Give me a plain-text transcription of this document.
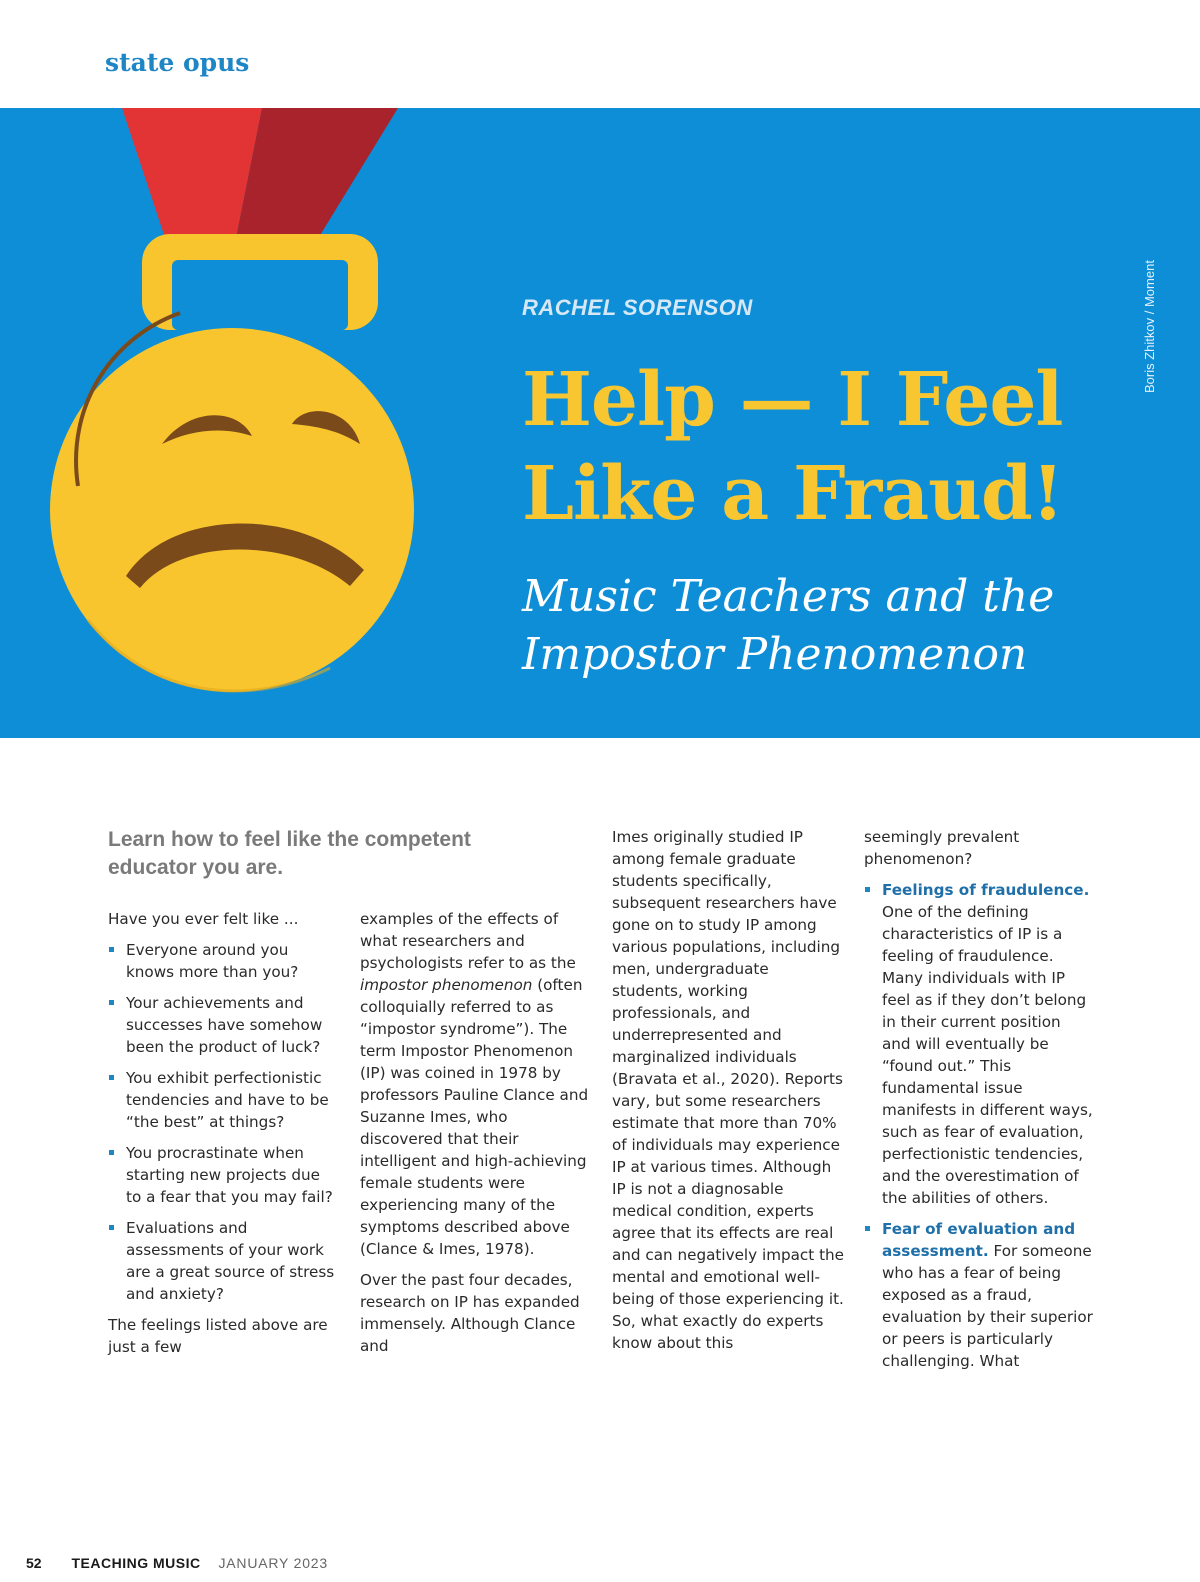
state opus
RACHEL SORENSON
Help — I Feel
Like a Fraud!
Music Teachers and the
Impostor Phenomenon
Boris Zhitkov / Moment
Learn how to feel like the competent educator you are.

Have you ever felt like ...

Everyone around you knows more than you?
Your achievements and successes have somehow been the product of luck?
You exhibit perfectionistic tendencies and have to be “the best” at things?
You procrastinate when starting new projects due to a fear that you may fail?
Evaluations and assessments of your work are a great source of stress and anxiety?

The feelings listed above are just a few

examples of the effects of what researchers and psychologists refer to as the impostor phenomenon (often colloquially referred to as “impostor syndrome”). The term Impostor Phenomenon (IP) was coined in 1978 by professors Pauline Clance and Suzanne Imes, who discovered that their intelligent and high-achieving female students were experiencing many of the symptoms described above (Clance & Imes, 1978).

Over the past four decades, research on IP has expanded immensely. Although Clance and

Imes originally studied IP among female graduate students specifically, subsequent researchers have gone on to study IP among various populations, including men, undergraduate students, working professionals, and underrepresented and marginalized individuals (Bravata et al., 2020). Reports vary, but some researchers estimate that more than 70% of individuals may experience IP at various times. Although IP is not a diagnosable medical condition, experts agree that its effects are real and can negatively impact the mental and emotional well-being of those experiencing it. So, what exactly do experts know about this

seemingly prevalent phenomenon?

Feelings of fraudulence. One of the defining characteristics of IP is a feeling of fraudulence. Many individuals with IP feel as if they don’t belong in their current position and will eventually be “found out.” This fundamental issue manifests in different ways, such as fear of evaluation, perfectionistic tendencies, and the overestimation of the abilities of others.
Fear of evaluation and assessment. For someone who has a fear of being exposed as a fraud, evaluation by their superior or peers is particularly challenging. What
52 TEACHING MUSIC JANUARY 2023
